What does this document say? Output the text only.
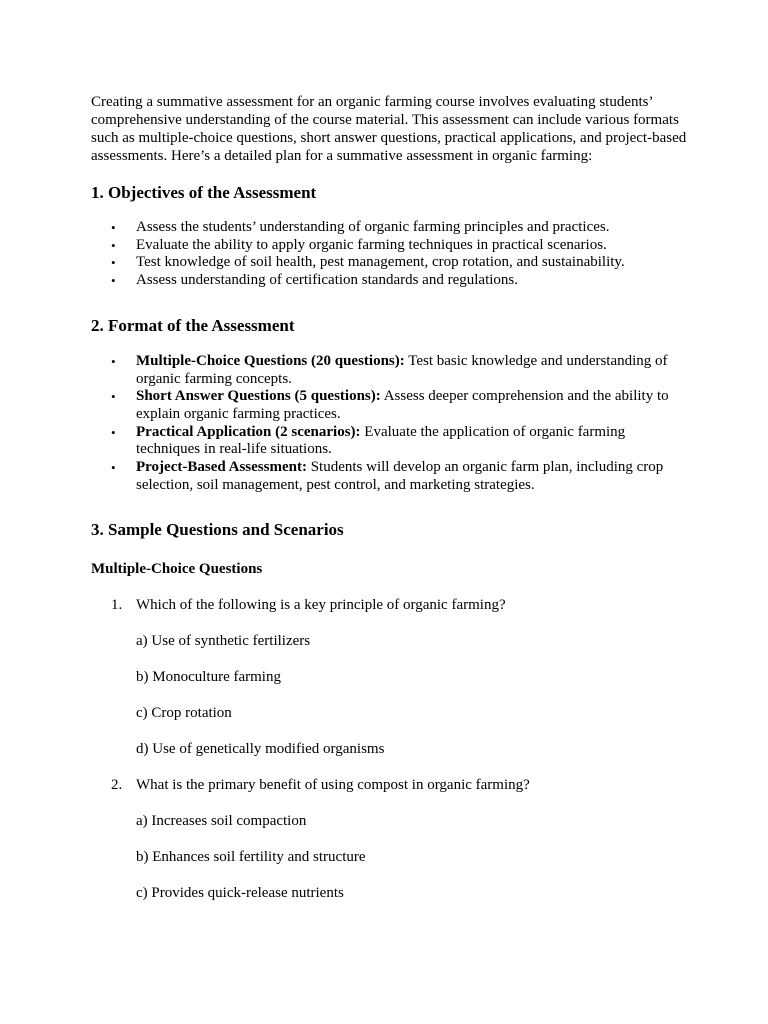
Creating a summative assessment for an organic farming course involves evaluating students’ comprehensive understanding of the course material. This assessment can include various formats such as multiple-choice questions, short answer questions, practical applications, and project-based assessments. Here’s a detailed plan for a summative assessment in organic farming:

1. Objectives of the Assessment
• Assess the students’ understanding of organic farming principles and practices.
• Evaluate the ability to apply organic farming techniques in practical scenarios.
• Test knowledge of soil health, pest management, crop rotation, and sustainability.
• Assess understanding of certification standards and regulations.
2. Format of the Assessment
• Multiple-Choice Questions (20 questions): Test basic knowledge and understanding of organic farming concepts.
• Short Answer Questions (5 questions): Assess deeper comprehension and the ability to explain organic farming practices.
• Practical Application (2 scenarios): Evaluate the application of organic farming techniques in real-life situations.
• Project-Based Assessment: Students will develop an organic farm plan, including crop selection, soil management, pest control, and marketing strategies.
3. Sample Questions and Scenarios
Multiple-Choice Questions
1. Which of the following is a key principle of organic farming?
a) Use of synthetic fertilizers
b) Monoculture farming
c) Crop rotation
d) Use of genetically modified organisms
2. What is the primary benefit of using compost in organic farming?
a) Increases soil compaction
b) Enhances soil fertility and structure
c) Provides quick-release nutrients
